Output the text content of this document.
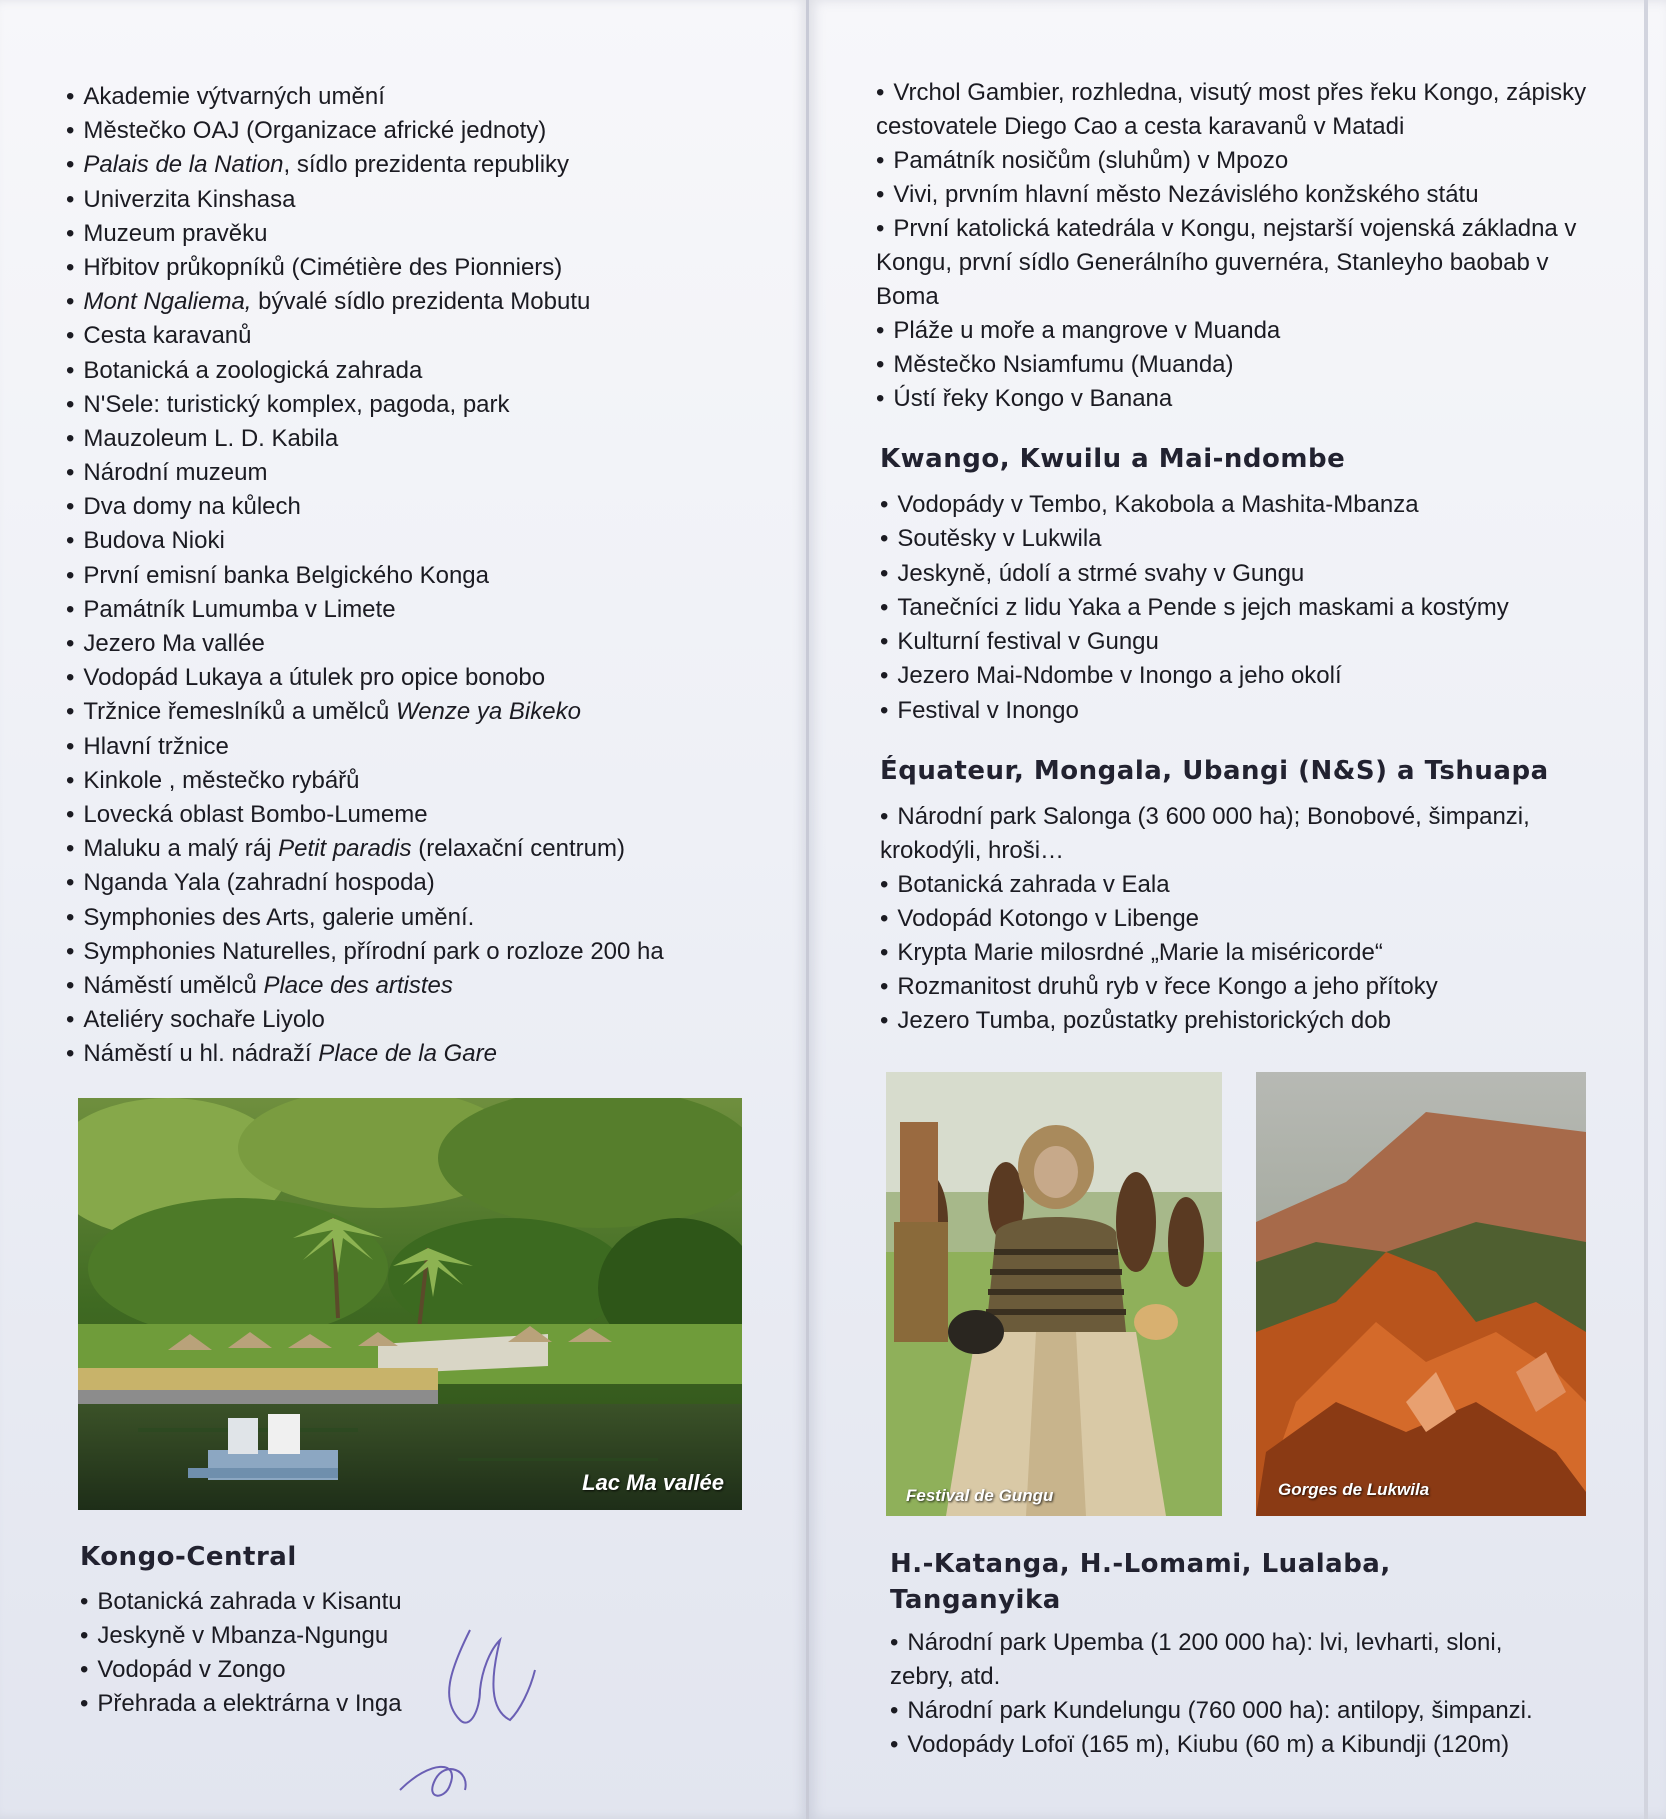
• Akademie výtvarných umění
• Městečko OAJ (Organizace africké jednoty)
• Palais de la Nation, sídlo prezidenta republiky
• Univerzita Kinshasa
• Muzeum pravěku
• Hřbitov průkopníků (Cimétière des Pionniers)
• Mont Ngaliema, bývalé sídlo prezidenta Mobutu
• Cesta karavanů
• Botanická a zoologická zahrada
• N'Sele: turistický komplex, pagoda, park
• Mauzoleum L. D. Kabila
• Národní muzeum
• Dva domy na kůlech
• Budova Nioki
• První emisní banka Belgického Konga
• Památník Lumumba v Limete
• Jezero Ma vallée
• Vodopád Lukaya a útulek pro opice bonobo
• Tržnice řemeslníků a umělců Wenze ya Bikeko
• Hlavní tržnice
• Kinkole , městečko rybářů
• Lovecká oblast Bombo-Lumeme
• Maluku a malý ráj Petit paradis (relaxační centrum)
• Nganda Yala (zahradní hospoda)
• Symphonies des Arts, galerie umění.
• Symphonies Naturelles, přírodní park o rozloze 200 ha
• Náměstí umělců Place des artistes
• Ateliéry sochaře Liyolo
• Náměstí u hl. nádraží Place de la Gare
Lac Ma vallée
Kongo-Central
• Botanická zahrada v Kisantu
• Jeskyně v Mbanza-Ngungu
• Vodopád v Zongo
• Přehrada a elektrárna v Inga
• Vrchol Gambier, rozhledna, visutý most přes řeku Kongo, zápisky cestovatele Diego Cao a cesta karavanů v Matadi
• Památník nosičům (sluhům) v Mpozo
• Vivi, prvním hlavní město Nezávislého konžského státu
• První katolická katedrála v Kongu, nejstarší vojenská základna v Kongu, první sídlo Generálního guvernéra, Stanleyho baobab v Boma
• Pláže u moře a mangrove v Muanda
• Městečko Nsiamfumu (Muanda)
• Ústí řeky Kongo v Banana
Kwango, Kwuilu a Mai-ndombe
• Vodopády v Tembo, Kakobola a Mashita-Mbanza
• Soutěsky v Lukwila
• Jeskyně, údolí a strmé svahy v Gungu
• Tanečníci z lidu Yaka a Pende s jejch maskami a kostýmy
• Kulturní festival v Gungu
• Jezero Mai-Ndombe v Inongo a jeho okolí
• Festival v Inongo
Équateur, Mongala, Ubangi (N&S) a Tshuapa
• Národní park Salonga (3 600 000 ha); Bonobové, šimpanzi, krokodýli, hroši…
• Botanická zahrada v Eala
• Vodopád Kotongo v Libenge
• Krypta Marie milosrdné „Marie la miséricorde“
• Rozmanitost druhů ryb v řece Kongo a jeho přítoky
• Jezero Tumba, pozůstatky prehistorických dob
Festival de Gungu	Gorges de Lukwila
H.-Katanga, H.-Lomami, Lualaba, Tanganyika
• Národní park Upemba (1 200 000 ha): lvi, levharti, sloni, zebry, atd.
• Národní park Kundelungu (760 000 ha): antilopy, šimpanzi.
• Vodopády Lofoï (165 m), Kiubu (60 m) a Kibundji (120m)
